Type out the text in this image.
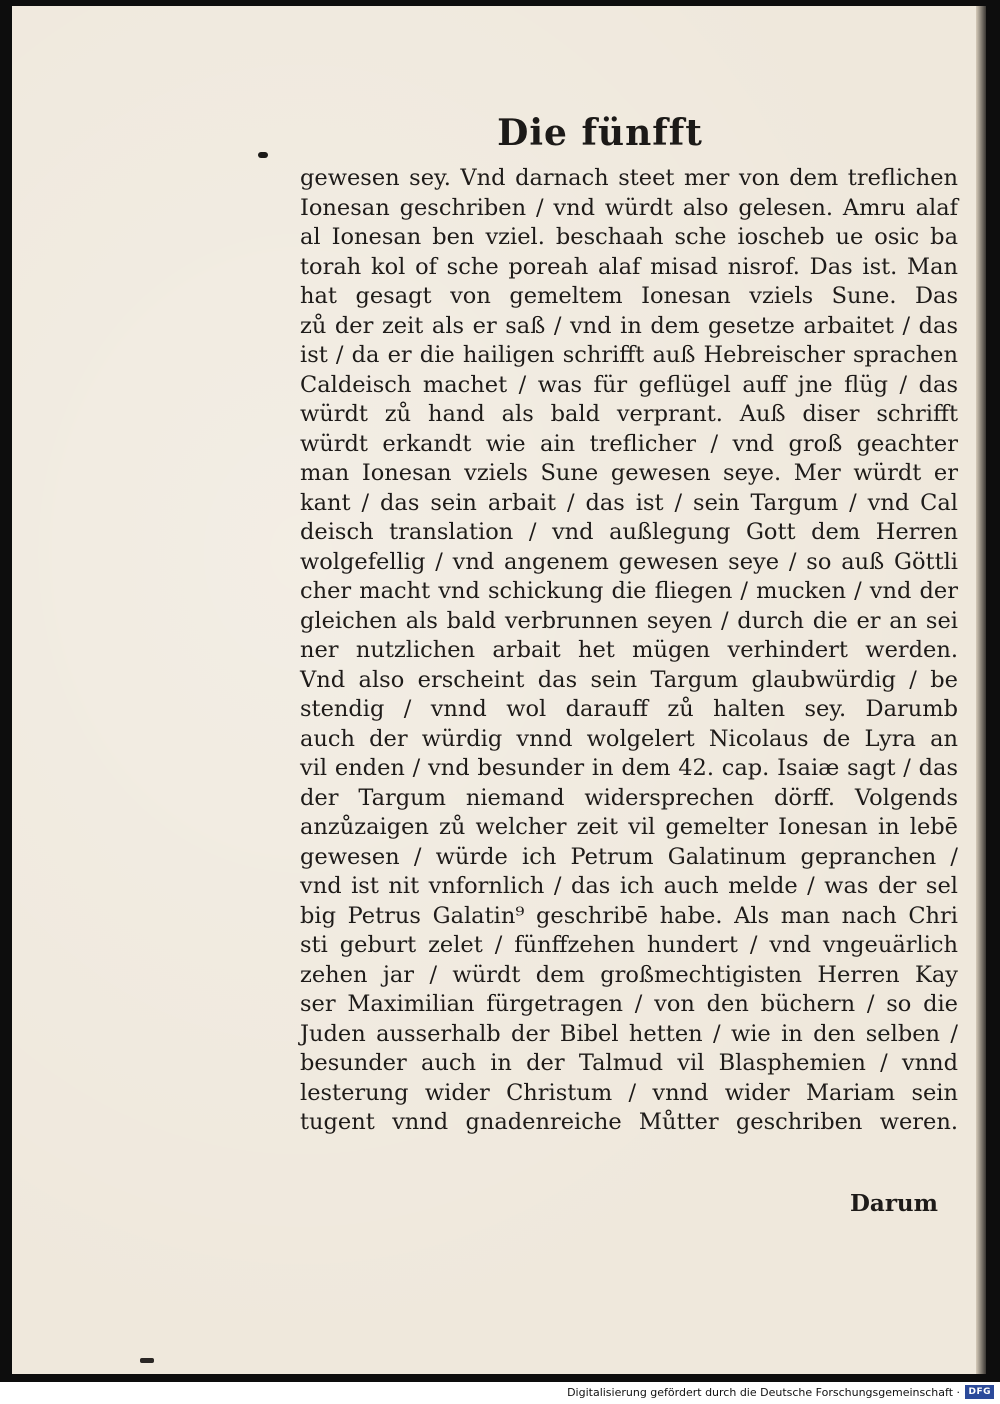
Die fünfft
gewesen sey. Vnd darnach steet mer von dem treflichen
Ionesan geschriben / vnd würdt also gelesen. Amru alaf
al Ionesan ben vziel. beschaah sche ioscheb ue osic ba
torah kol of sche poreah alaf misad nisrof. Das ist. Man
hat gesagt von gemeltem Ionesan vziels Sune. Das
zů der zeit als er saß / vnd in dem gesetze arbaitet / das
ist / da er die hailigen schrifft auß Hebreischer sprachen
Caldeisch machet / was für geflügel auff jne flüg / das
würdt zů hand als bald verprant. Auß diser schrifft
würdt erkandt wie ain treflicher / vnd groß geachter
man Ionesan vziels Sune gewesen seye. Mer würdt er
kant / das sein arbait / das ist / sein Targum / vnd Cal
deisch translation / vnd außlegung Gott dem Herren
wolgefellig / vnd angenem gewesen seye / so auß Göttli
cher macht vnd schickung die fliegen / mucken / vnd der
gleichen als bald verbrunnen seyen / durch die er an sei
ner nutzlichen arbait het mügen verhindert werden.
Vnd also erscheint das sein Targum glaubwürdig / be
stendig / vnnd wol darauff zů halten sey. Darumb
auch der würdig vnnd wolgelert Nicolaus de Lyra an
vil enden / vnd besunder in dem 42. cap. Isaiæ sagt / das
der Targum niemand widersprechen dörff. Volgends
anzůzaigen zů welcher zeit vil gemelter Ionesan in lebē
gewesen / würde ich Petrum Galatinum gepranchen /
vnd ist nit vnfornlich / das ich auch melde / was der sel
big Petrus Galatin⁹ geschribē habe. Als man nach Chri
sti geburt zelet / fünffzehen hundert / vnd vngeuärlich
zehen jar / würdt dem großmechtigisten Herren Kay
ser Maximilian fürgetragen / von den büchern / so die
Juden ausserhalb der Bibel hetten / wie in den selben /
besunder auch in der Talmud vil Blasphemien / vnnd
lesterung wider Christum / vnnd wider Mariam sein
tugent vnnd gnadenreiche Můtter geschriben weren.
Darum
Digitalisierung gefördert durch die Deutsche Forschungsgemeinschaft · DFG
